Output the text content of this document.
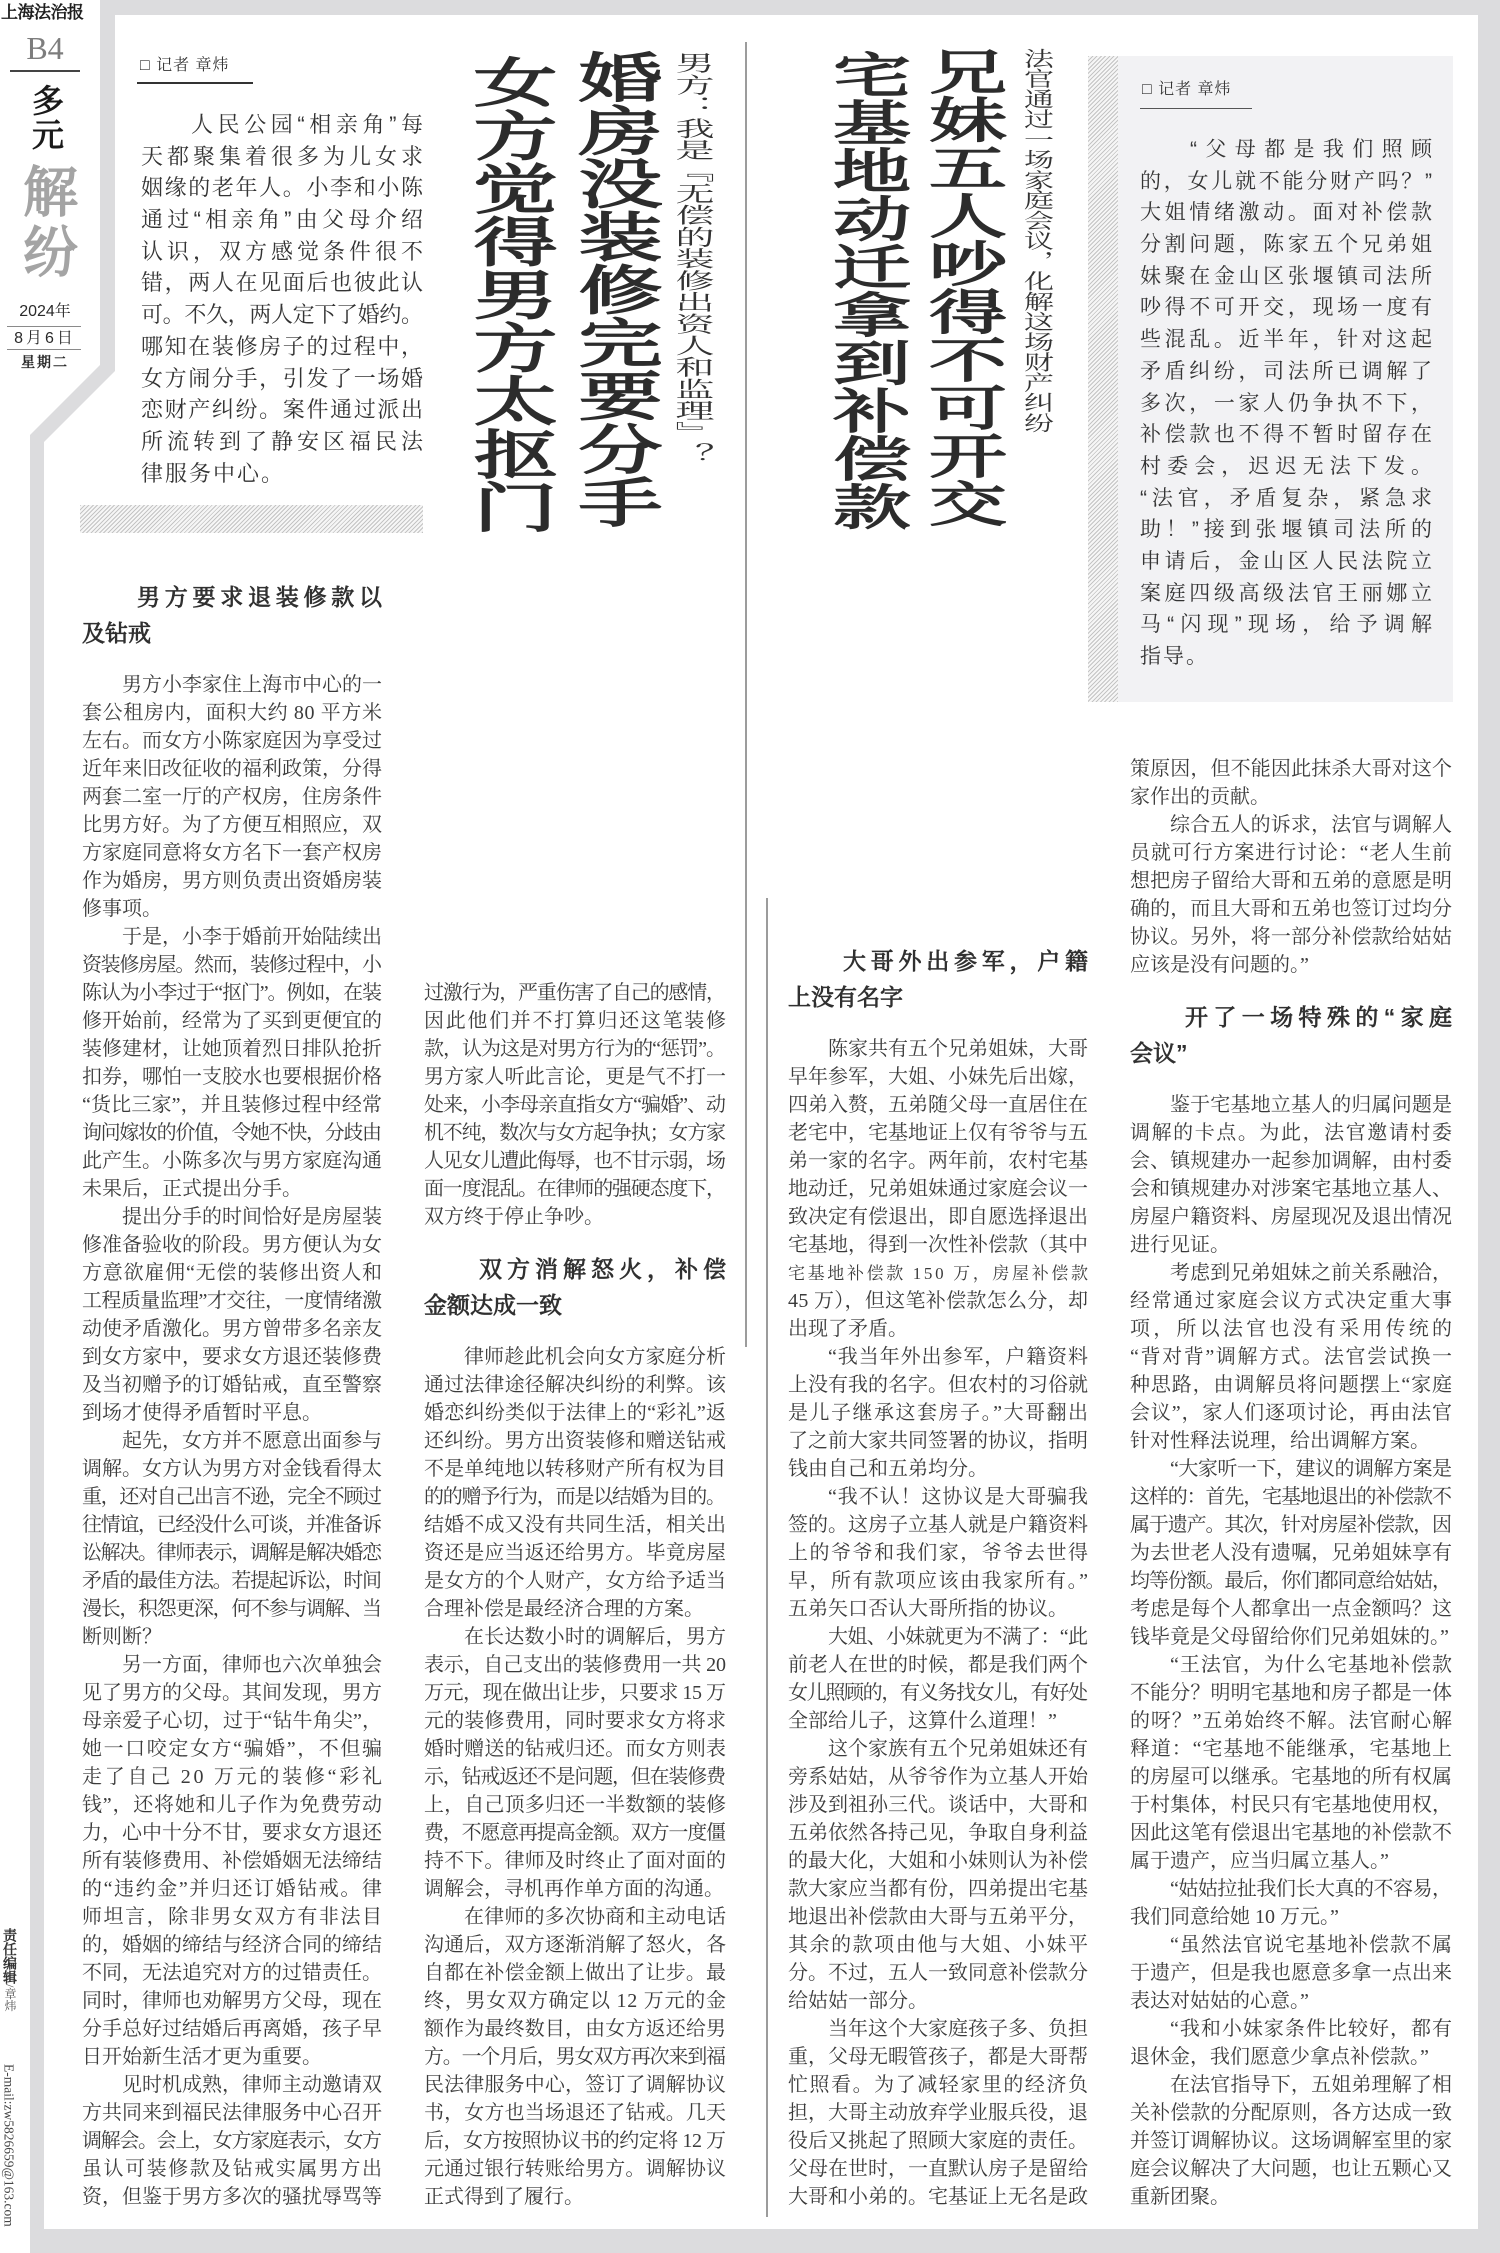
上海法治报
B4
多元
解纷
2024年
8月6日
星期二
责任编辑/章炜
E-mail:zw5826659@163.com
□ 记者 章炜
人民公园“相亲角”每
天都聚集着很多为儿女求
姻缘的老年人。小李和小陈
通过“相亲角”由父母介绍
认识，双方感觉条件很不
错，两人在见面后也彼此认
可。不久，两人定下了婚约。
哪知在装修房子的过程中，
女方闹分手，引发了一场婚
恋财产纠纷。案件通过派出
所流转到了静安区福民法
律服务中心。
男方：我是『无偿的装修出资人和监理』？
婚房没装修完要分手
女方觉得男方太抠门
男方要求退装修款以
及钻戒
男方小李家住上海市中心的一
套公租房内，面积大约 80 平方米
左右。而女方小陈家庭因为享受过
近年来旧改征收的福利政策，分得
两套二室一厅的产权房，住房条件
比男方好。为了方便互相照应，双
方家庭同意将女方名下一套产权房
作为婚房，男方则负责出资婚房装
修事项。
于是，小李于婚前开始陆续出
资装修房屋。然而，装修过程中，小
陈认为小李过于“抠门”。例如，在装
修开始前，经常为了买到更便宜的
装修建材，让她顶着烈日排队抢折
扣券，哪怕一支胶水也要根据价格
“货比三家”，并且装修过程中经常
询问嫁妆的价值，令她不快，分歧由
此产生。小陈多次与男方家庭沟通
未果后，正式提出分手。
提出分手的时间恰好是房屋装
修准备验收的阶段。男方便认为女
方意欲雇佣“无偿的装修出资人和
工程质量监理”才交往，一度情绪激
动使矛盾激化。男方曾带多名亲友
到女方家中，要求女方退还装修费
及当初赠予的订婚钻戒，直至警察
到场才使得矛盾暂时平息。
起先，女方并不愿意出面参与
调解。女方认为男方对金钱看得太
重，还对自己出言不逊，完全不顾过
往情谊，已经没什么可谈，并准备诉
讼解决。律师表示，调解是解决婚恋
矛盾的最佳方法。若提起诉讼，时间
漫长，积怨更深，何不参与调解、当
断则断？
另一方面，律师也六次单独会
见了男方的父母。其间发现，男方
母亲爱子心切，过于“钻牛角尖”，
她一口咬定女方“骗婚”，不但骗
走了自己 20 万元的装修“彩礼
钱”，还将她和儿子作为免费劳动
力，心中十分不甘，要求女方退还
所有装修费用、补偿婚姻无法缔结
的“违约金”并归还订婚钻戒。律
师坦言，除非男女双方有非法目
的，婚姻的缔结与经济合同的缔结
不同，无法追究对方的过错责任。
同时，律师也劝解男方父母，现在
分手总好过结婚后再离婚，孩子早
日开始新生活才更为重要。
见时机成熟，律师主动邀请双
方共同来到福民法律服务中心召开
调解会。会上，女方家庭表示，女方
虽认可装修款及钻戒实属男方出
资，但鉴于男方多次的骚扰辱骂等
过激行为，严重伤害了自己的感情，
因此他们并不打算归还这笔装修
款，认为这是对男方行为的“惩罚”。
男方家人听此言论，更是气不打一
处来，小李母亲直指女方“骗婚”、动
机不纯，数次与女方起争执；女方家
人见女儿遭此侮辱，也不甘示弱，场
面一度混乱。在律师的强硬态度下，
双方终于停止争吵。
双方消解怒火，补偿
金额达成一致
律师趁此机会向女方家庭分析
通过法律途径解决纠纷的利弊。该
婚恋纠纷类似于法律上的“彩礼”返
还纠纷。男方出资装修和赠送钻戒
不是单纯地以转移财产所有权为目
的的赠予行为，而是以结婚为目的。
结婚不成又没有共同生活，相关出
资还是应当返还给男方。毕竟房屋
是女方的个人财产，女方给予适当
合理补偿是最经济合理的方案。
在长达数小时的调解后，男方
表示，自己支出的装修费用一共 20
万元，现在做出让步，只要求 15 万
元的装修费用，同时要求女方将求
婚时赠送的钻戒归还。而女方则表
示，钻戒返还不是问题，但在装修费
上，自己顶多归还一半数额的装修
费，不愿意再提高金额。双方一度僵
持不下。律师及时终止了面对面的
调解会，寻机再作单方面的沟通。
在律师的多次协商和主动电话
沟通后，双方逐渐消解了怒火，各
自都在补偿金额上做出了让步。最
终，男女双方确定以 12 万元的金
额作为最终数目，由女方返还给男
方。一个月后，男女双方再次来到福
民法律服务中心，签订了调解协议
书，女方也当场退还了钻戒。几天
后，女方按照协议书的约定将 12 万
元通过银行转账给男方。调解协议
正式得到了履行。
宅基地动迁拿到补偿款 兄妹五人吵得不可开交 法官通过一场家庭会议，化解这场财产纠纷	□ 记者 章炜
“父母都是我们照顾
的，女儿就不能分财产吗？”
大姐情绪激动。面对补偿款
分割问题，陈家五个兄弟姐
妹聚在金山区张堰镇司法所
吵得不可开交，现场一度有
些混乱。近半年，针对这起
矛盾纠纷，司法所已调解了
多次，一家人仍争执不下，
补偿款也不得不暂时留存在
村委会，迟迟无法下发。
“法官，矛盾复杂，紧急求
助！”接到张堰镇司法所的
申请后，金山区人民法院立
案庭四级高级法官王丽娜立
马“闪现”现场，给予调解
指导。
大哥外出参军，户籍
上没有名字
陈家共有五个兄弟姐妹，大哥
早年参军，大姐、小妹先后出嫁，
四弟入赘，五弟随父母一直居住在
老宅中，宅基地证上仅有爷爷与五
弟一家的名字。两年前，农村宅基
地动迁，兄弟姐妹通过家庭会议一
致决定有偿退出，即自愿选择退出
宅基地，得到一次性补偿款（其中
宅基地补偿款 150 万，房屋补偿款
45 万），但这笔补偿款怎么分，却
出现了矛盾。
“我当年外出参军，户籍资料
上没有我的名字。但农村的习俗就
是儿子继承这套房子。”大哥翻出
了之前大家共同签署的协议，指明
钱由自己和五弟均分。
“我不认！这协议是大哥骗我
签的。这房子立基人就是户籍资料
上的爷爷和我们家，爷爷去世得
早，所有款项应该由我家所有。”
五弟矢口否认大哥所指的协议。
大姐、小妹就更为不满了：“此
前老人在世的时候，都是我们两个
女儿照顾的，有义务找女儿，有好处
全部给儿子，这算什么道理！”
这个家族有五个兄弟姐妹还有
旁系姑姑，从爷爷作为立基人开始
涉及到祖孙三代。谈话中，大哥和
五弟依然各持己见，争取自身利益
的最大化，大姐和小妹则认为补偿
款大家应当都有份，四弟提出宅基
地退出补偿款由大哥与五弟平分，
其余的款项由他与大姐、小妹平
分。不过，五人一致同意补偿款分
给姑姑一部分。
当年这个大家庭孩子多、负担
重，父母无暇管孩子，都是大哥帮
忙照看。为了减轻家里的经济负
担，大哥主动放弃学业服兵役，退
役后又挑起了照顾大家庭的责任。
父母在世时，一直默认房子是留给
大哥和小弟的。宅基证上无名是政
策原因，但不能因此抹杀大哥对这个
家作出的贡献。
综合五人的诉求，法官与调解人
员就可行方案进行讨论：“老人生前
想把房子留给大哥和五弟的意愿是明
确的，而且大哥和五弟也签订过均分
协议。另外，将一部分补偿款给姑姑
应该是没有问题的。”
开了一场特殊的“家庭
会议”
鉴于宅基地立基人的归属问题是
调解的卡点。为此，法官邀请村委
会、镇规建办一起参加调解，由村委
会和镇规建办对涉案宅基地立基人、
房屋户籍资料、房屋现况及退出情况
进行见证。
考虑到兄弟姐妹之前关系融洽，
经常通过家庭会议方式决定重大事
项，所以法官也没有采用传统的
“背对背”调解方式。法官尝试换一
种思路，由调解员将问题摆上“家庭
会议”，家人们逐项讨论，再由法官
针对性释法说理，给出调解方案。
“大家听一下，建议的调解方案是
这样的：首先，宅基地退出的补偿款不
属于遗产。其次，针对房屋补偿款，因
为去世老人没有遗嘱，兄弟姐妹享有
均等份额。最后，你们都同意给姑姑，
考虑是每个人都拿出一点金额吗？这
钱毕竟是父母留给你们兄弟姐妹的。”
“王法官，为什么宅基地补偿款
不能分？明明宅基地和房子都是一体
的呀？”五弟始终不解。法官耐心解
释道：“宅基地不能继承，宅基地上
的房屋可以继承。宅基地的所有权属
于村集体，村民只有宅基地使用权，
因此这笔有偿退出宅基地的补偿款不
属于遗产，应当归属立基人。”
“姑姑拉扯我们长大真的不容易，
我们同意给她 10 万元。”
“虽然法官说宅基地补偿款不属
于遗产，但是我也愿意多拿一点出来
表达对姑姑的心意。”
“我和小妹家条件比较好，都有
退休金，我们愿意少拿点补偿款。”
在法官指导下，五姐弟理解了相
关补偿款的分配原则，各方达成一致
并签订调解协议。这场调解室里的家
庭会议解决了大问题，也让五颗心又
重新团聚。
